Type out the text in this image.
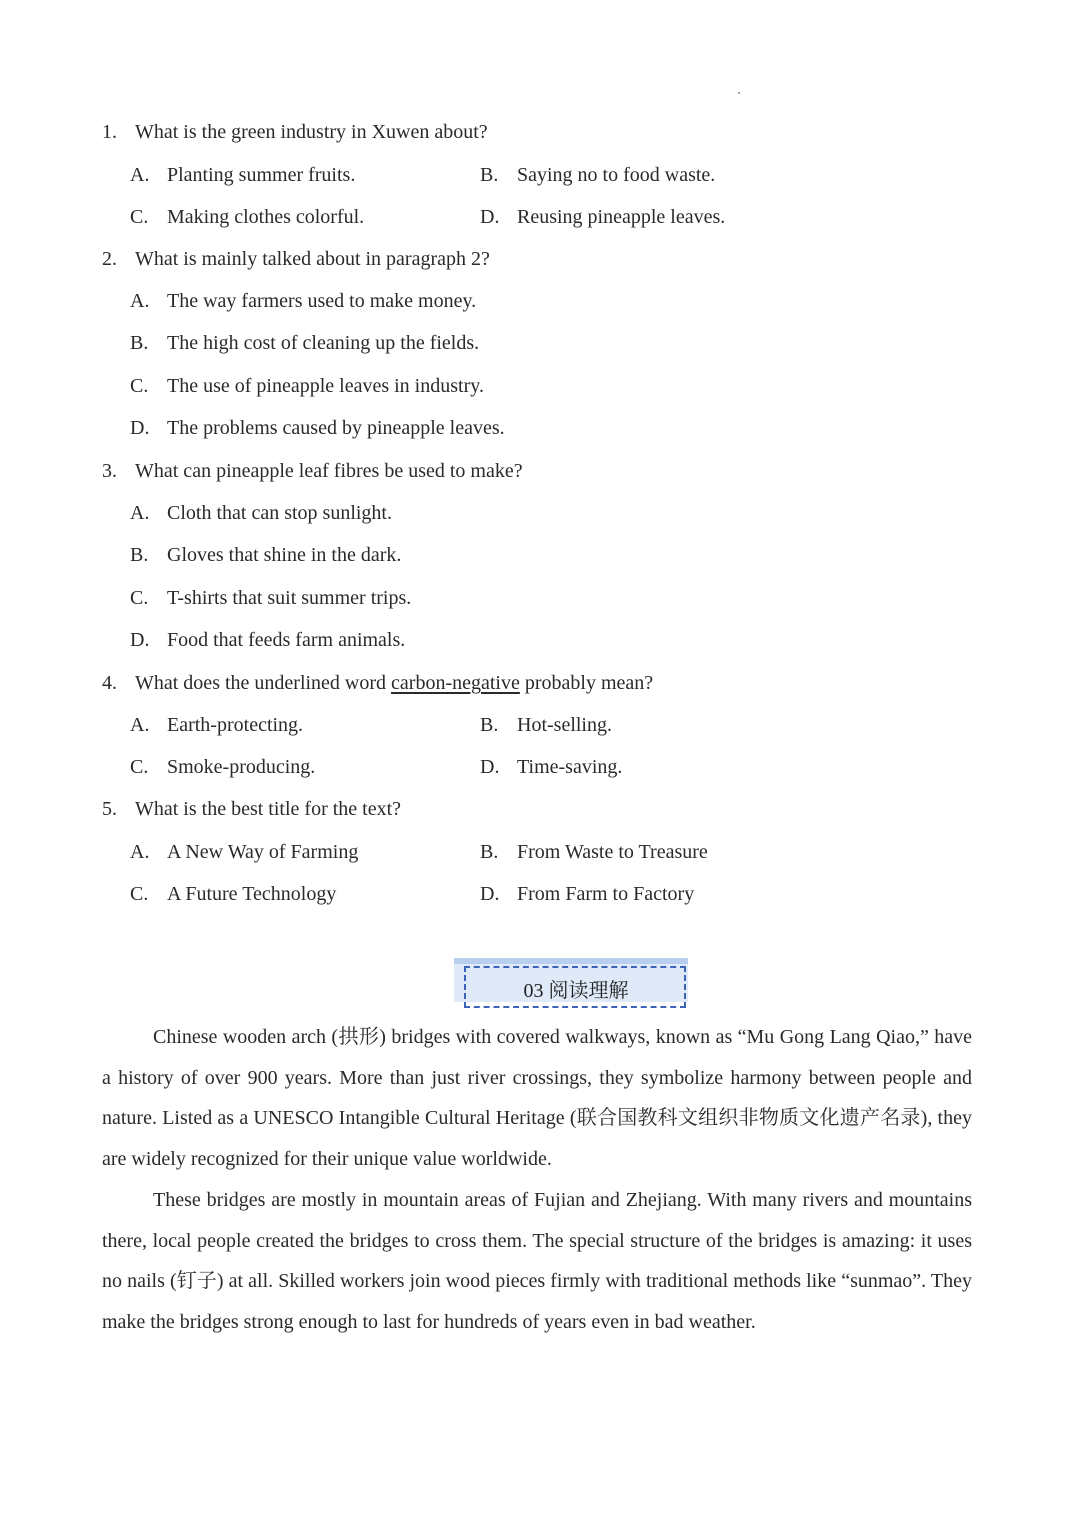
1. What is the green industry in Xuwen about?
A. Planting summer fruits.	B. Saying no to food waste.
C. Making clothes colorful.	D. Reusing pineapple leaves.
2. What is mainly talked about in paragraph 2?
A. The way farmers used to make money.
B. The high cost of cleaning up the fields.
C. The use of pineapple leaves in industry.
D. The problems caused by pineapple leaves.
3. What can pineapple leaf fibres be used to make?
A. Cloth that can stop sunlight.
B. Gloves that shine in the dark.
C. T-shirts that suit summer trips.
D. Food that feeds farm animals.
4. What does the underlined word carbon-negative probably mean?
A. Earth-protecting.	B. Hot-selling.
C. Smoke-producing.	D. Time-saving.
5. What is the best title for the text?
A. A New Way of Farming	B. From Waste to Treasure
C. A Future Technology	D. From Farm to Factory
03 阅读理解

Chinese wooden arch (拱形) bridges with covered walkways, known as “Mu Gong Lang Qiao,” have a history of over 900 years. More than just river crossings, they symbolize harmony between people and nature. Listed as a UNESCO Intangible Cultural Heritage (联合国教科文组织非物质文化遗产名录), they are widely recognized for their unique value worldwide.

These bridges are mostly in mountain areas of Fujian and Zhejiang. With many rivers and mountains there, local people created the bridges to cross them. The special structure of the bridges is amazing: it uses no nails (钉子) at all. Skilled workers join wood pieces firmly with traditional methods like “sunmao”. They make the bridges strong enough to last for hundreds of years even in bad weather.
